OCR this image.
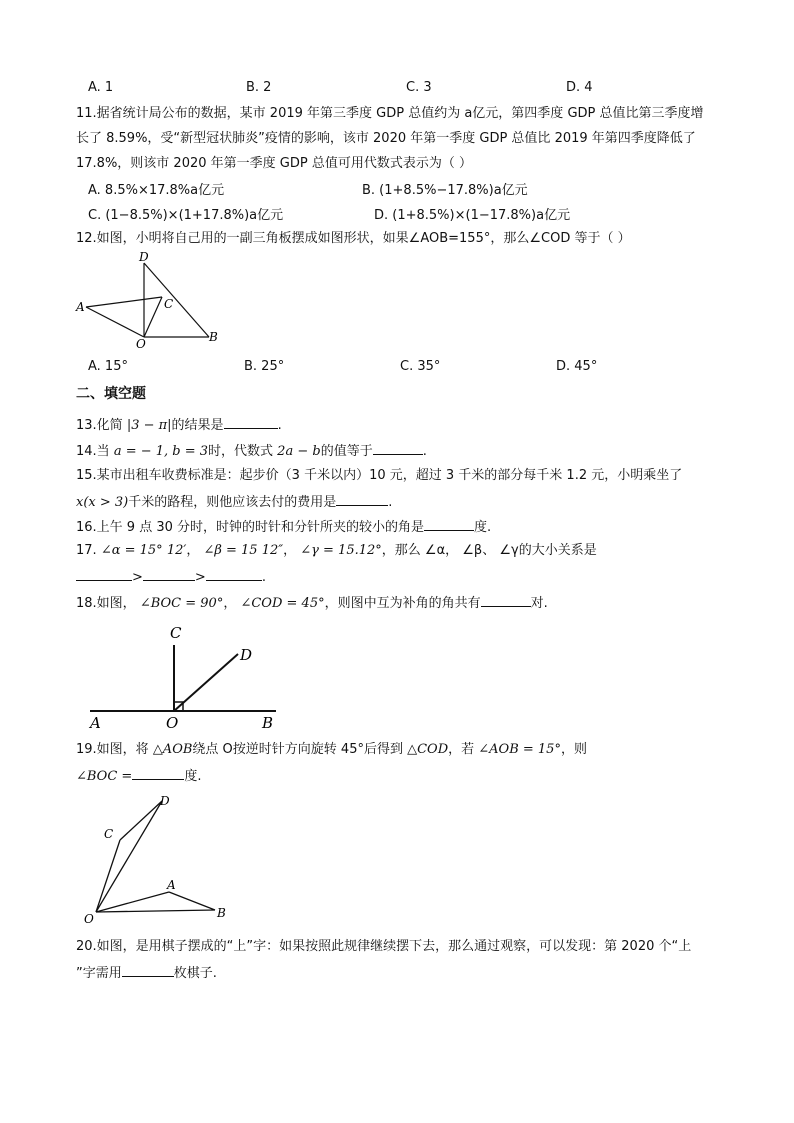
A. 1	B. 2	C. 3	D. 4
11.据省统计局公布的数据，某市 2019 年第三季度 GDP 总值约为 a亿元，第四季度 GDP 总值比第三季度增
长了 8.59%，受“新型冠状肺炎”疫情的影响，该市 2020 年第一季度 GDP 总值比 2019 年第四季度降低了
17.8%，则该市 2020 年第一季度 GDP 总值可用代数式表示为（ ）
A. 8.5%×17.8%a亿元	B. (1+8.5%−17.8%)a亿元
C. (1−8.5%)×(1+17.8%)a亿元	D. (1+8.5%)×(1−17.8%)a亿元
12.如图，小明将自己用的一副三角板摆成如图形状，如果∠AOB=155°，那么∠COD 等于（ ）
D
A	C
O	B
A. 15°	B. 25°	C. 35°	D. 45°
二、填空题
13.化简 |3 − π|的结果是	.
14.当 a = − 1, b = 3时，代数式 2a − b的值等于	.
15.某市出租车收费标准是：起步价（3 千米以内）10 元，超过 3 千米的部分每千米 1.2 元，小明乘坐了
x(x > 3)千米的路程，则他应该去付的费用是	.
16.上午 9 点 30 分时，时钟的时针和分针所夹的较小的角是	度.
17. ∠α = 15° 12′， ∠β = 15 12″， ∠γ = 15.12°，那么 ∠α， ∠β、 ∠γ的大小关系是
>	>	.
18.如图， ∠BOC = 90°， ∠COD = 45°，则图中互为补角的角共有	对.
C
D
A	O	B
19.如图，将 △AOB绕点 O按逆时针方向旋转 45°后得到 △COD，若 ∠AOB = 15°，则
∠BOC =	度.
D
C
A
B
O
20.如图，是用棋子摆成的“上”字：如果按照此规律继续摆下去，那么通过观察，可以发现：第 2020 个“上
”字需用	枚棋子.
